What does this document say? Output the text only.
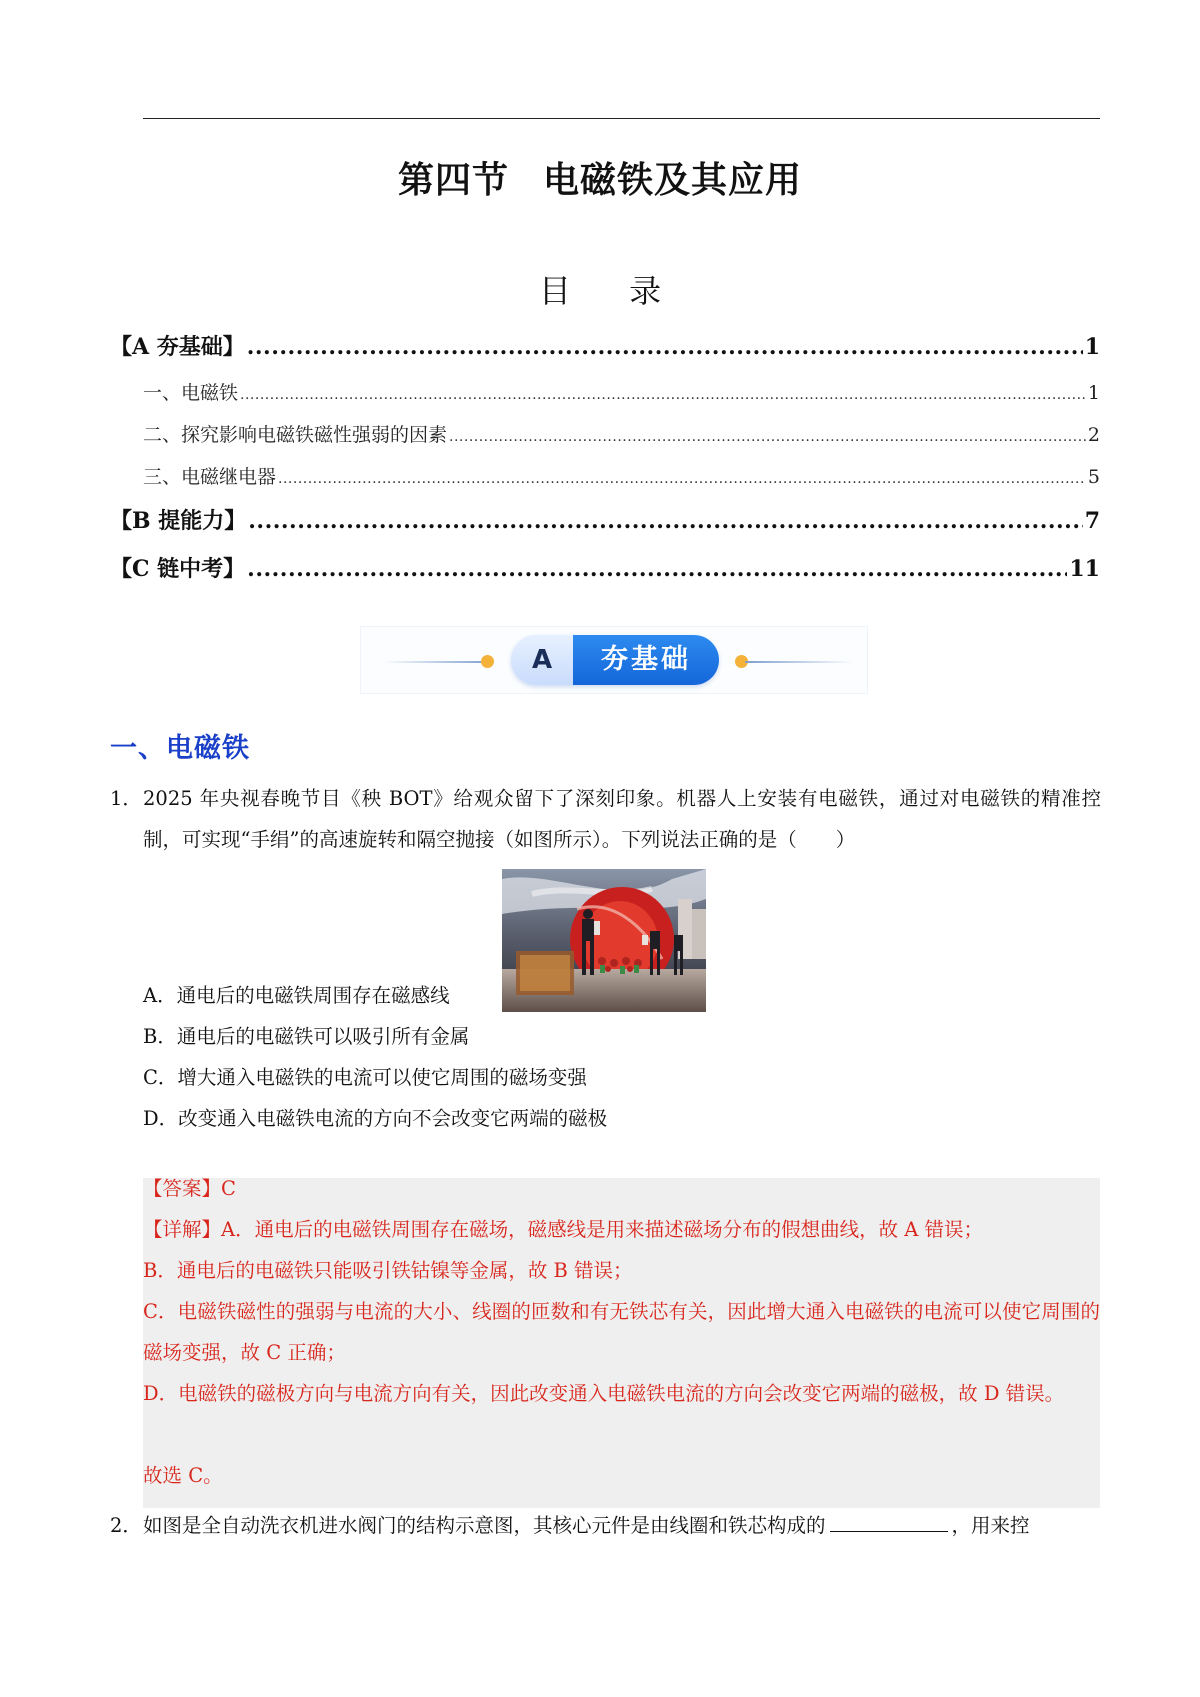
第四节 电磁铁及其应用
目 录
【A 夯基础】 .....	1
一、电磁铁 .....	1
二、探究影响电磁铁磁性强弱的因素 .....	2
三、电磁继电器 .....	5
【B 提能力】 .....	7
【C 链中考】 .....	11
A	夯基础
一、电磁铁
1． 2025 年央视春晚节目《秧 BOT》给观众留下了深刻印象。机器人上安装有电磁铁，通过对电磁铁的精准控制，可实现“手绢”的高速旋转和隔空抛接（如图所示）。下列说法正确的是（　　）
A．通电后的电磁铁周围存在磁感线
B．通电后的电磁铁可以吸引所有金属
C．增大通入电磁铁的电流可以使它周围的磁场变强
D．改变通入电磁铁电流的方向不会改变它两端的磁极
【答案】C
【详解】A．通电后的电磁铁周围存在磁场，磁感线是用来描述磁场分布的假想曲线，故 A 错误；
B．通电后的电磁铁只能吸引铁钴镍等金属，故 B 错误；
C．电磁铁磁性的强弱与电流的大小、线圈的匝数和有无铁芯有关，因此增大通入电磁铁的电流可以使它周围的磁场变强，故 C 正确；
D．电磁铁的磁极方向与电流方向有关，因此改变通入电磁铁电流的方向会改变它两端的磁极，故 D 错误。
故选 C。
2． 如图是全自动洗衣机进水阀门的结构示意图，其核心元件是由线圈和铁芯构成的	，用来控
